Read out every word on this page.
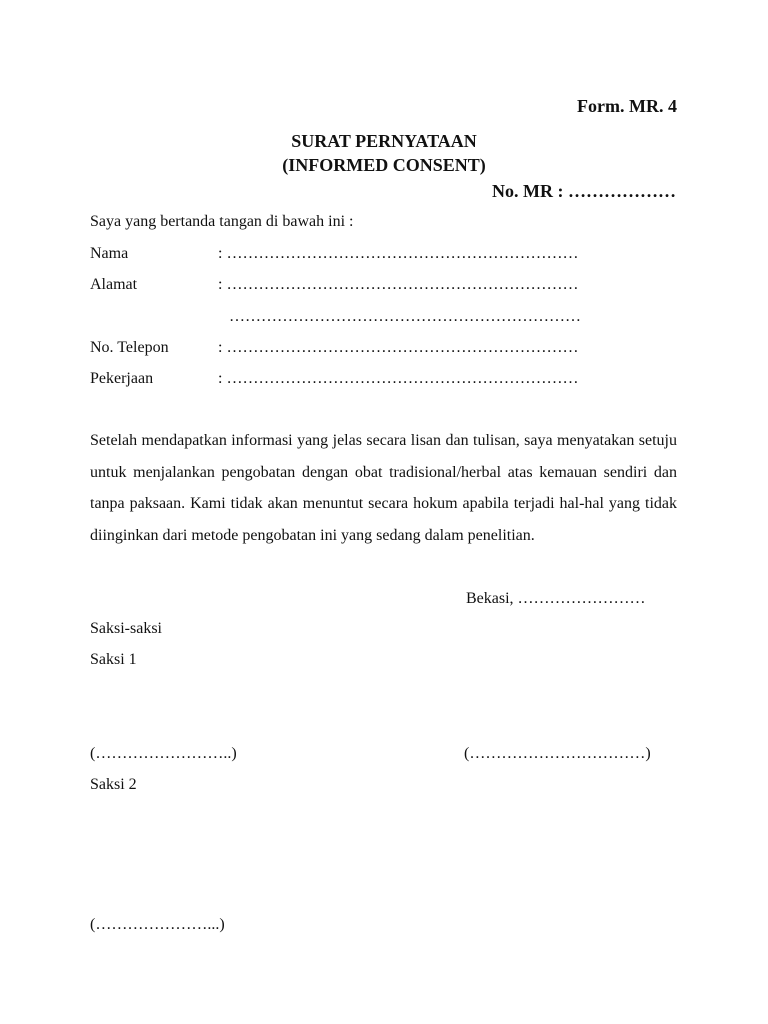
Form. MR. 4
SURAT PERNYATAAN
(INFORMED CONSENT)
No. MR : ………………
Saya yang bertanda tangan di bawah ini :
Nama	: …………………………………………………………
Alamat	: …………………………………………………………
…………………………………………………………
No. Telepon	: …………………………………………………………
Pekerjaan	: …………………………………………………………
Setelah mendapatkan informasi yang jelas secara lisan dan tulisan, saya menyatakan setuju untuk menjalankan pengobatan dengan obat tradisional/herbal atas kemauan sendiri dan tanpa paksaan. Kami tidak akan menuntut secara hokum apabila terjadi hal-hal yang tidak diinginkan dari metode pengobatan ini yang sedang dalam penelitian.
Bekasi, ……………………
Saksi-saksi
Saksi 1
(……………………..)	(……………………………)
Saksi 2
(…………………...)
